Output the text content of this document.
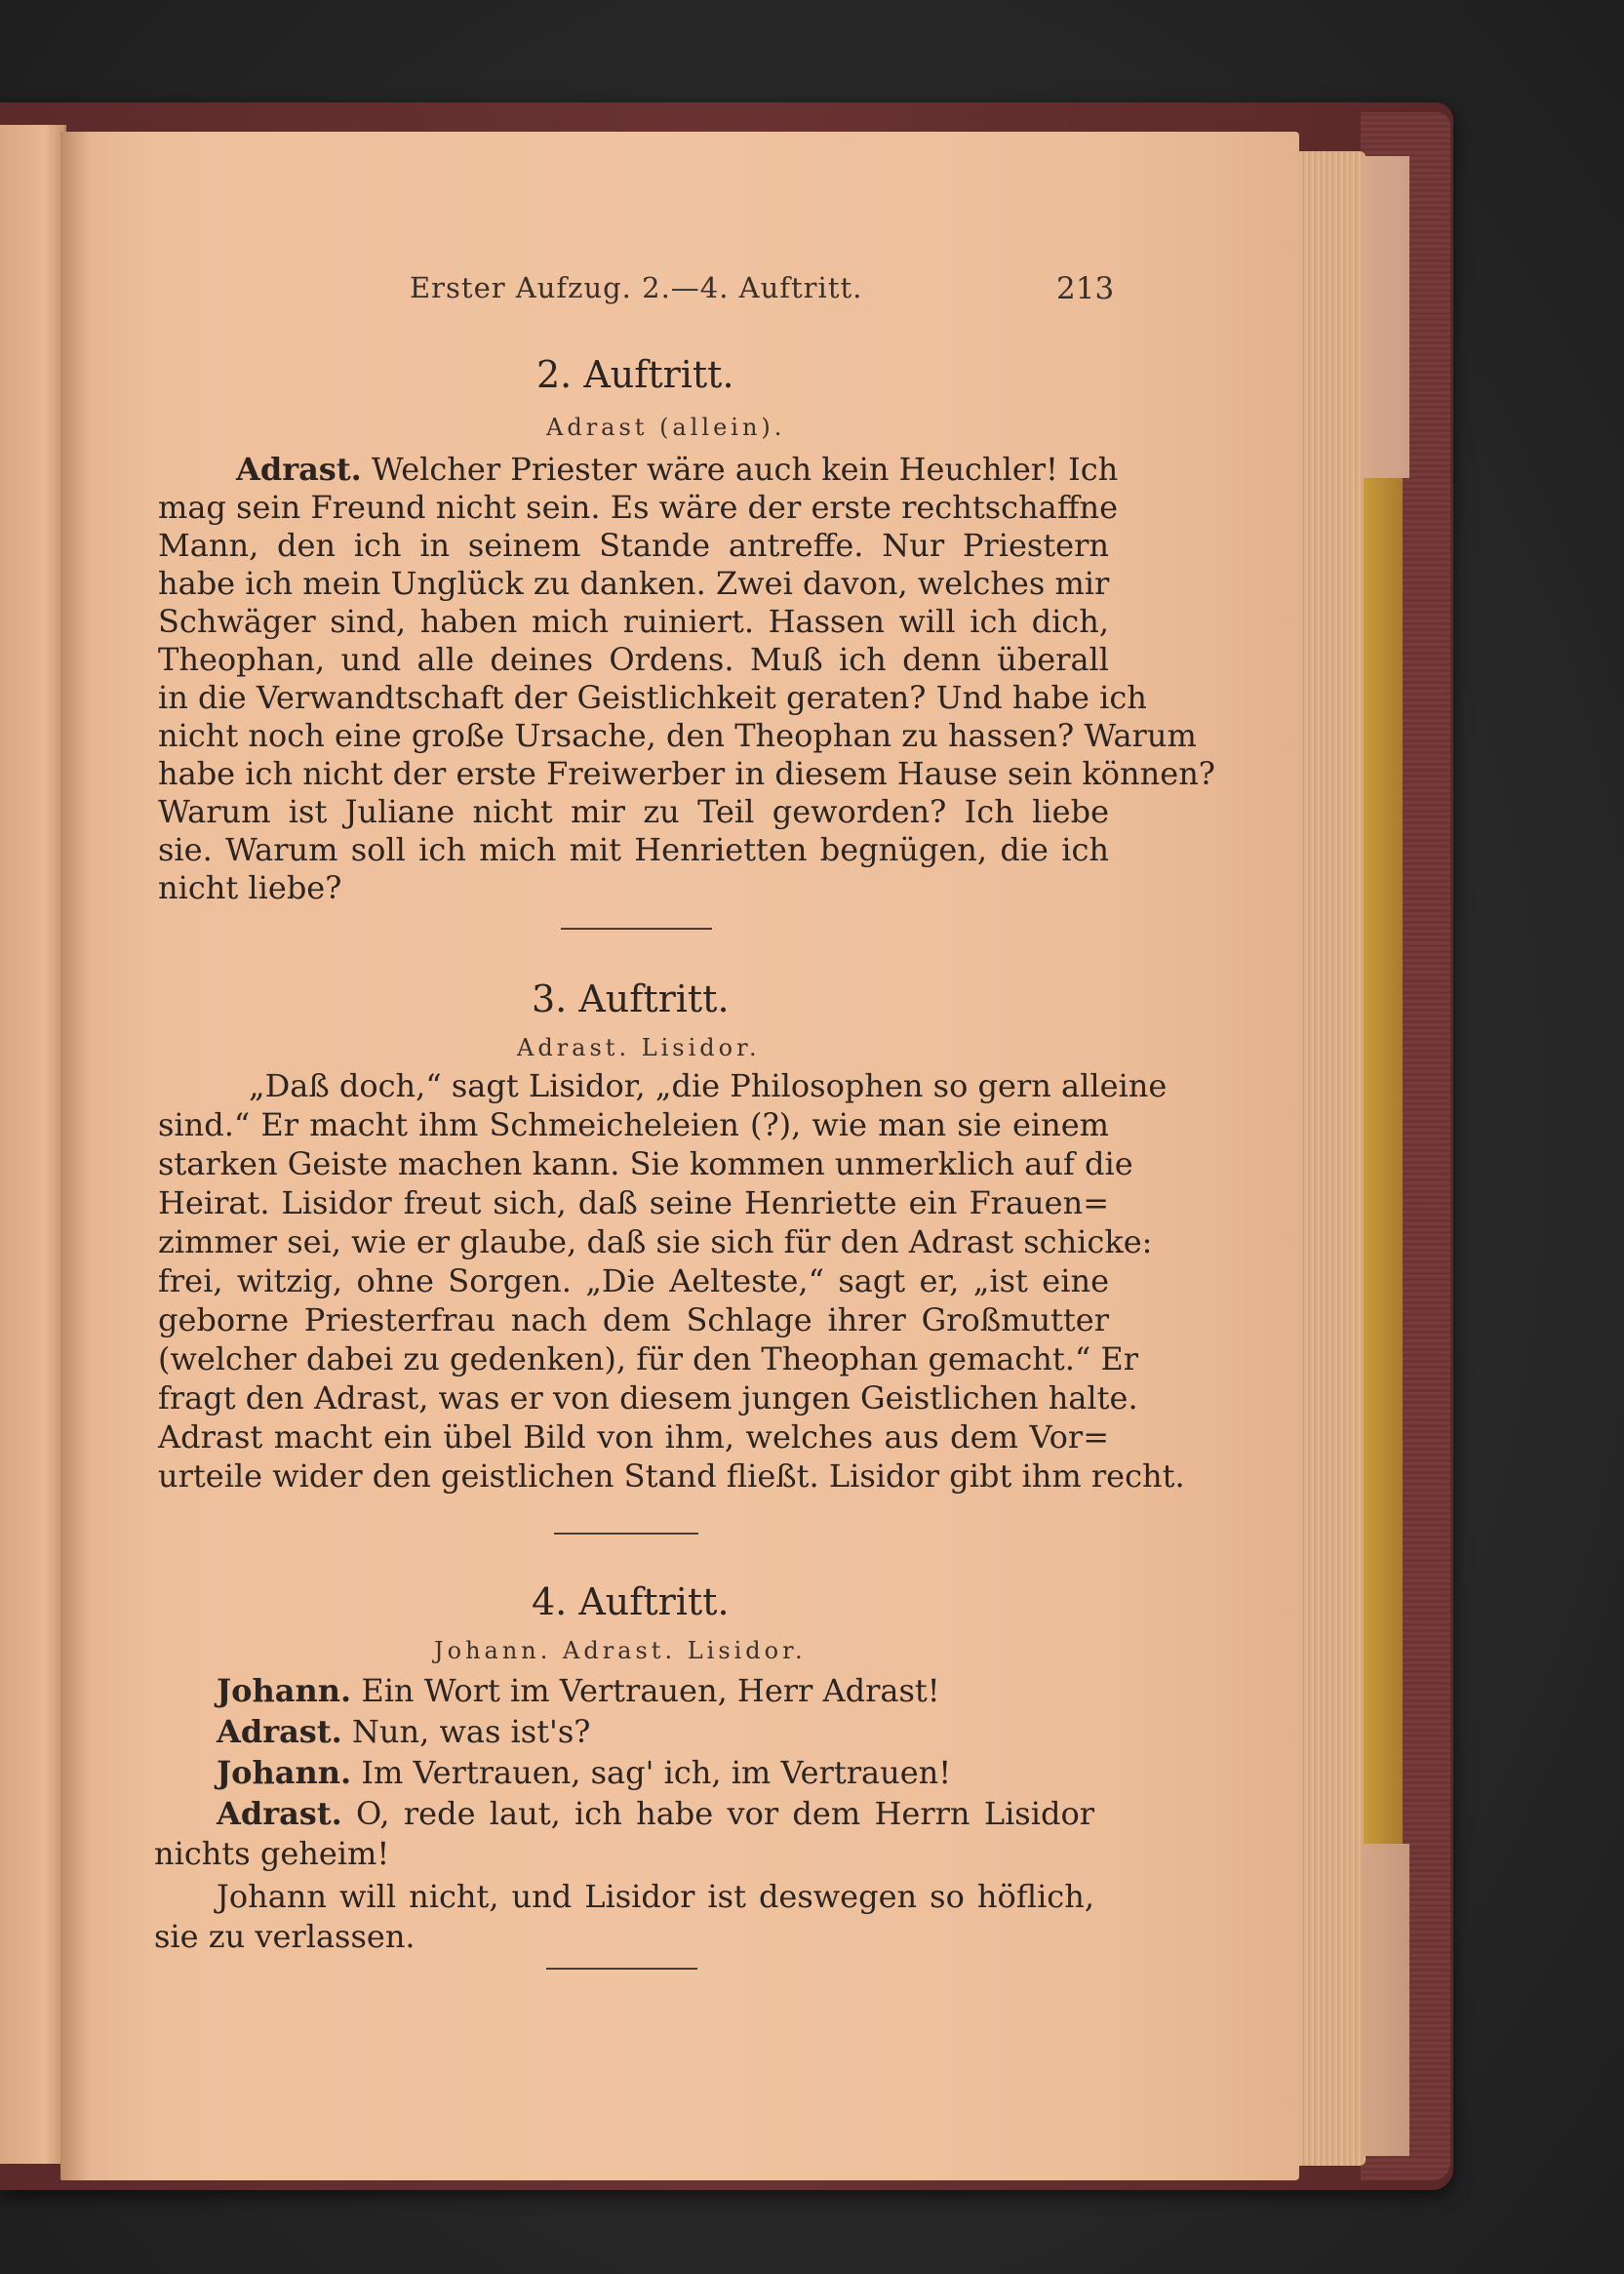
Erster Aufzug. 2.—4. Auftritt.	213
2. Auftritt.
Adrast (allein).
Adrast. Welcher Priester wäre auch kein Heuchler! Ich
mag sein Freund nicht sein. Es wäre der erste rechtschaffne
Mann, den ich in seinem Stande antreffe. Nur Priestern
habe ich mein Unglück zu danken. Zwei davon, welches mir
Schwäger sind, haben mich ruiniert. Hassen will ich dich,
Theophan, und alle deines Ordens. Muß ich denn überall
in die Verwandtschaft der Geistlichkeit geraten? Und habe ich
nicht noch eine große Ursache, den Theophan zu hassen? Warum
habe ich nicht der erste Freiwerber in diesem Hause sein können?
Warum ist Juliane nicht mir zu Teil geworden? Ich liebe
sie. Warum soll ich mich mit Henrietten begnügen, die ich
nicht liebe?
3. Auftritt.
Adrast. Lisidor.
„Daß doch,“ sagt Lisidor, „die Philosophen so gern alleine
sind.“ Er macht ihm Schmeicheleien (?), wie man sie einem
starken Geiste machen kann. Sie kommen unmerklich auf die
Heirat. Lisidor freut sich, daß seine Henriette ein Frauen=
zimmer sei, wie er glaube, daß sie sich für den Adrast schicke:
frei, witzig, ohne Sorgen. „Die Aelteste,“ sagt er, „ist eine
geborne Priesterfrau nach dem Schlage ihrer Großmutter
(welcher dabei zu gedenken), für den Theophan gemacht.“ Er
fragt den Adrast, was er von diesem jungen Geistlichen halte.
Adrast macht ein übel Bild von ihm, welches aus dem Vor=
urteile wider den geistlichen Stand fließt. Lisidor gibt ihm recht.
4. Auftritt.
Johann. Adrast. Lisidor.
Johann. Ein Wort im Vertrauen, Herr Adrast!
Adrast. Nun, was ist's?
Johann. Im Vertrauen, sag' ich, im Vertrauen!
Adrast. O, rede laut, ich habe vor dem Herrn Lisidor
nichts geheim!
Johann will nicht, und Lisidor ist deswegen so höflich,
sie zu verlassen.
